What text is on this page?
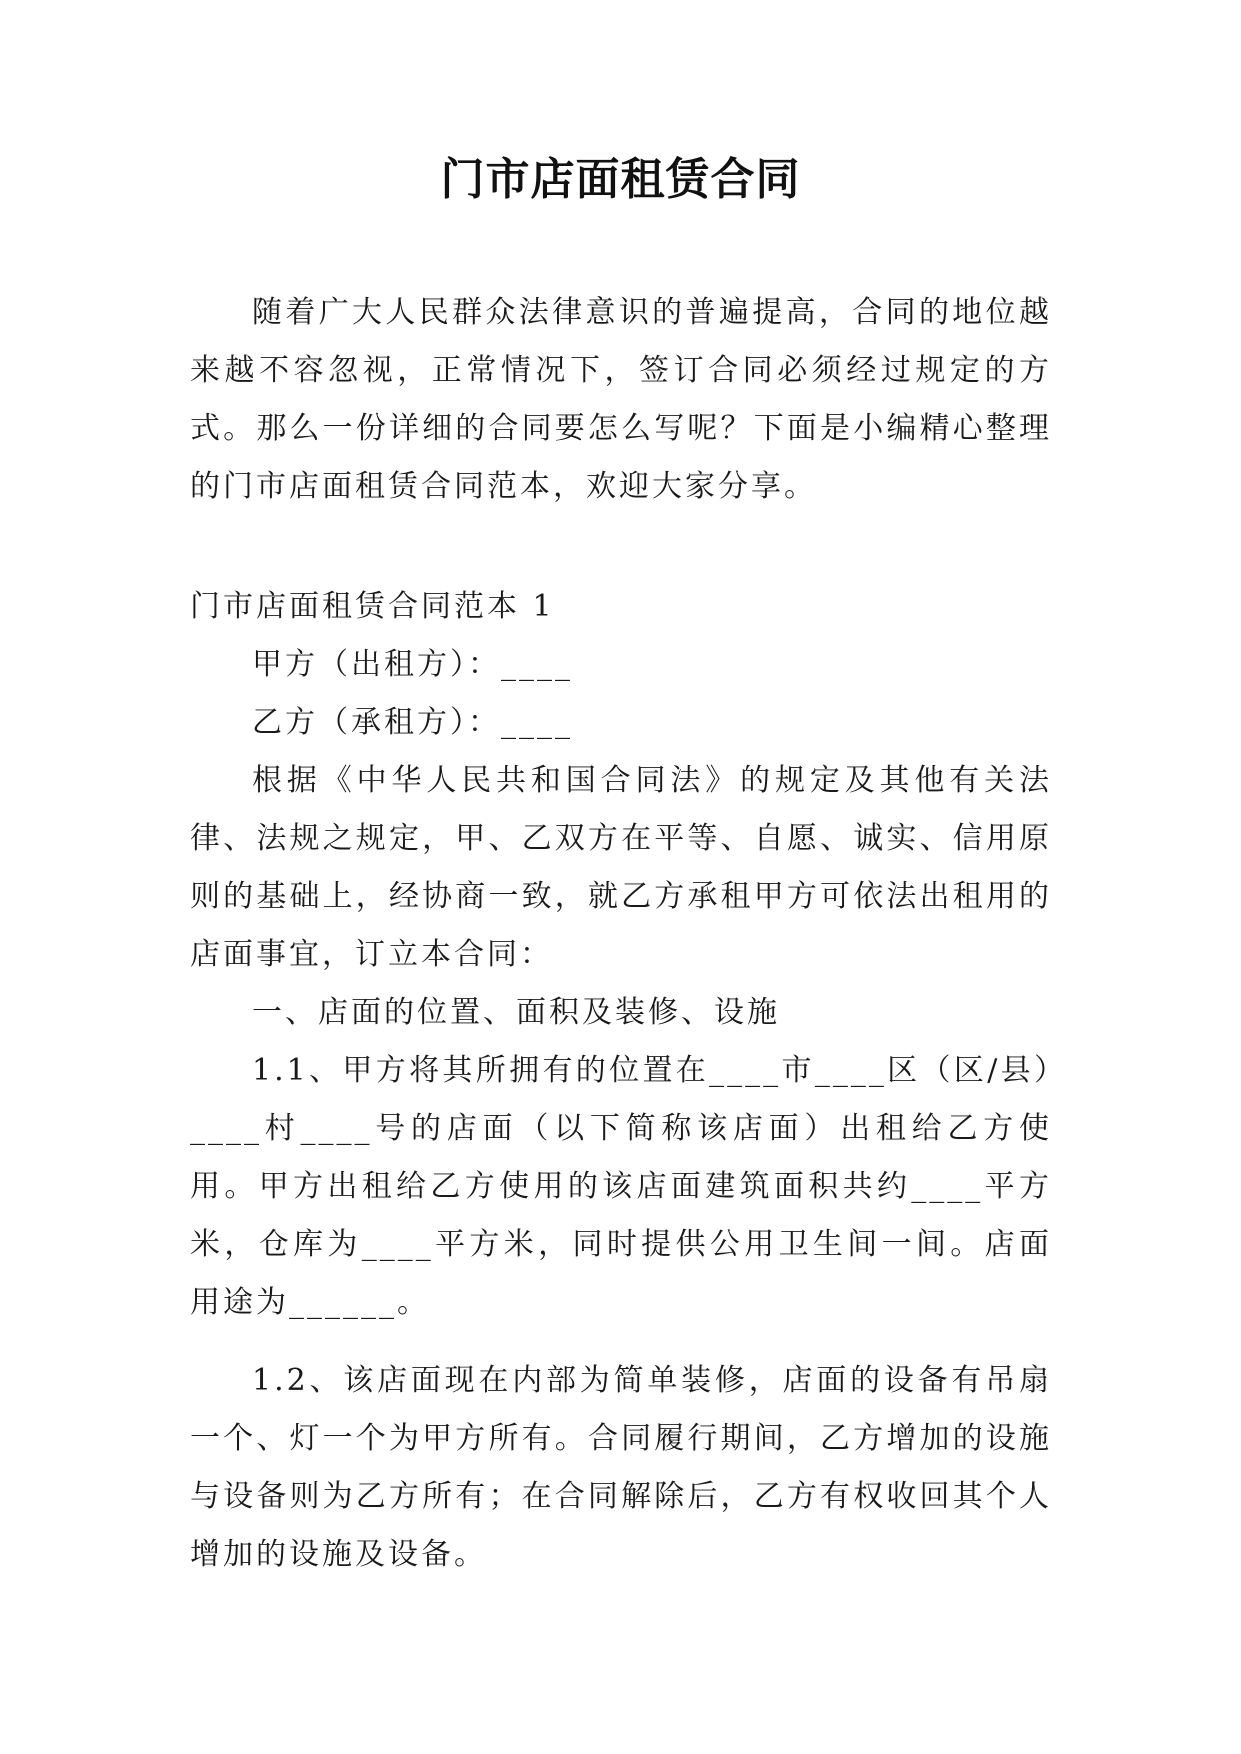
门市店面租赁合同

随着广大人民群众法律意识的普遍提高，合同的地位越来越不容忽视，正常情况下，签订合同必须经过规定的方式。那么一份详细的合同要怎么写呢？下面是小编精心整理的门市店面租赁合同范本，欢迎大家分享。

门市店面租赁合同范本 1

甲方（出租方）：____

乙方（承租方）：____

根据《中华人民共和国合同法》的规定及其他有关法律、法规之规定，甲、乙双方在平等、自愿、诚实、信用原则的基础上，经协商一致，就乙方承租甲方可依法出租用的店面事宜，订立本合同：

一、店面的位置、面积及装修、设施

1.1、甲方将其所拥有的位置在____市____区（区/县）____村____号的店面（以下简称该店面）出租给乙方使用。甲方出租给乙方使用的该店面建筑面积共约____平方米，仓库为____平方米，同时提供公用卫生间一间。店面用途为______。

1.2、该店面现在内部为简单装修，店面的设备有吊扇一个、灯一个为甲方所有。合同履行期间，乙方增加的设施与设备则为乙方所有；在合同解除后，乙方有权收回其个人增加的设施及设备。
